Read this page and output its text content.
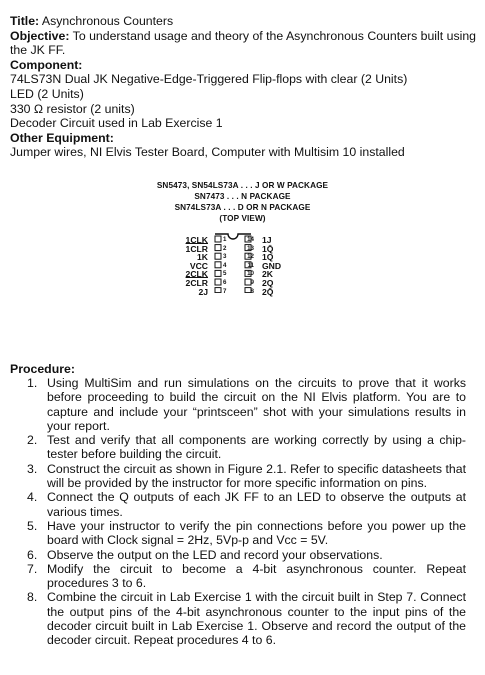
Title: Asynchronous Counters

Objective: To understand usage and theory of the Asynchronous Counters built using the JK FF.

Component:

74LS73N Dual JK Negative-Edge-Triggered Flip-flops with clear (2 Units)

LED (2 Units)

330 Ω resistor (2 units)

Decoder Circuit used in Lab Exercise 1

Other Equipment:

Jumper wires, NI Elvis Tester Board, Computer with Multisim 10 installed

SN5473, SN54LS73A . . . J OR W PACKAGE
SN7473 . . . N PACKAGE
SN74LS73A . . . D OR N PACKAGE
(TOP VIEW)
1CLK
1CLR
1K
VCC
2CLK
2CLR
2J
1
2
3
4
5
6
7
14
13
12
11
10
9
8
1J
1Q̄
1Q
GND
2K
2Q
2Q̄
Procedure:
1. Using MultiSim and run simulations on the circuits to prove that it works before proceeding to build the circuit on the NI Elvis platform. You are to capture and include your “printsceen” shot with your simulations results in your report.
2. Test and verify that all components are working correctly by using a chip-tester before building the circuit.
3. Construct the circuit as shown in Figure 2.1. Refer to specific datasheets that will be provided by the instructor for more specific information on pins.
4. Connect the Q outputs of each JK FF to an LED to observe the outputs at various times.
5. Have your instructor to verify the pin connections before you power up the board with Clock signal = 2Hz, 5Vp-p and Vcc = 5V.
6. Observe the output on the LED and record your observations.
7. Modify the circuit to become a 4-bit asynchronous counter. Repeat procedures 3 to 6.
8. Combine the circuit in Lab Exercise 1 with the circuit built in Step 7. Connect the output pins of the 4-bit asynchronous counter to the input pins of the decoder circuit built in Lab Exercise 1. Observe and record the output of the decoder circuit. Repeat procedures 4 to 6.
